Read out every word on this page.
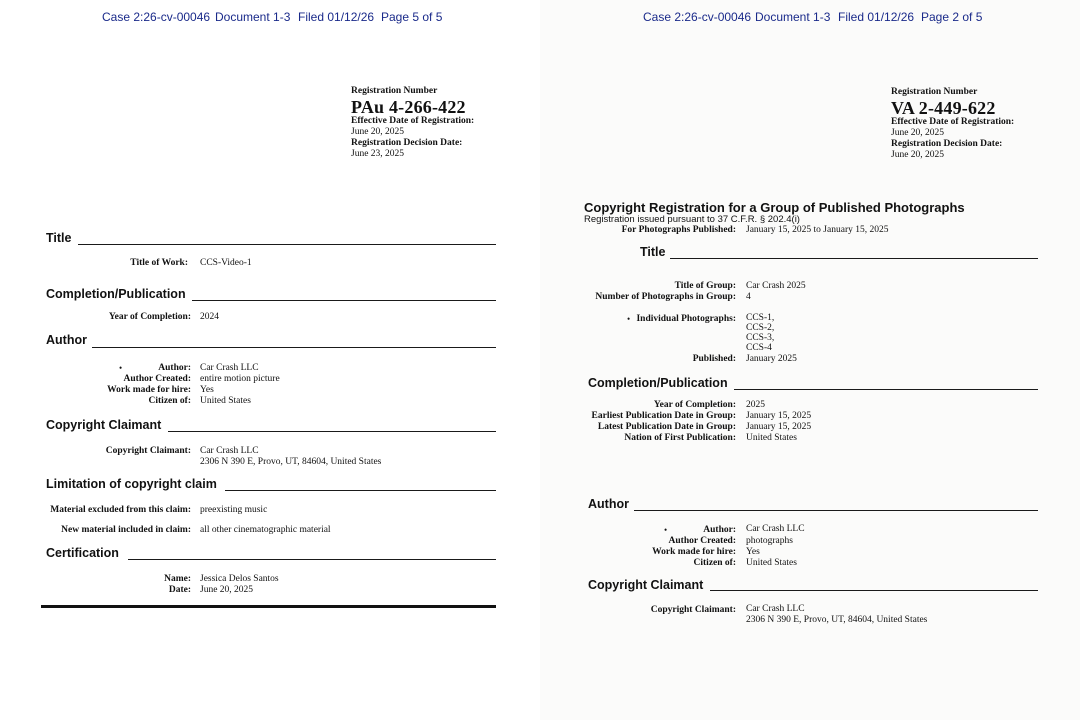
Case 2:26-cv-00046 Document 1-3 Filed 01/12/26 Page 5 of 5
Registration Number
PAu 4-266-422
Effective Date of Registration:
June 20, 2025
Registration Decision Date:
June 23, 2025
Title
Title of Work: CCS-Video-1
Completion/Publication
Year of Completion: 2024
Author
•	Author: Car Crash LLC
Author Created: entire motion picture
Work made for hire: Yes
Citizen of: United States
Copyright Claimant
Copyright Claimant: Car Crash LLC
2306 N 390 E, Provo, UT, 84604, United States
Limitation of copyright claim
Material excluded from this claim: preexisting music
New material included in claim: all other cinematographic material
Certification
Name: Jessica Delos Santos
Date: June 20, 2025
Case 2:26-cv-00046 Document 1-3 Filed 01/12/26 Page 2 of 5
Registration Number
VA 2-449-622
Effective Date of Registration:
June 20, 2025
Registration Decision Date:
June 20, 2025
Copyright Registration for a Group of Published Photographs
Registration issued pursuant to 37 C.F.R. § 202.4(i)
For Photographs Published: January 15, 2025 to January 15, 2025
Title
Title of Group: Car Crash 2025
Number of Photographs in Group: 4
• Individual Photographs: CCS-1,
CCS-2,
CCS-3,
CCS-4
Published: January 2025
Completion/Publication
Year of Completion: 2025
Earliest Publication Date in Group: January 15, 2025
Latest Publication Date in Group: January 15, 2025
Nation of First Publication: United States
Author
•	Author: Car Crash LLC
Author Created: photographs
Work made for hire: Yes
Citizen of: United States
Copyright Claimant
Copyright Claimant: Car Crash LLC
2306 N 390 E, Provo, UT, 84604, United States
